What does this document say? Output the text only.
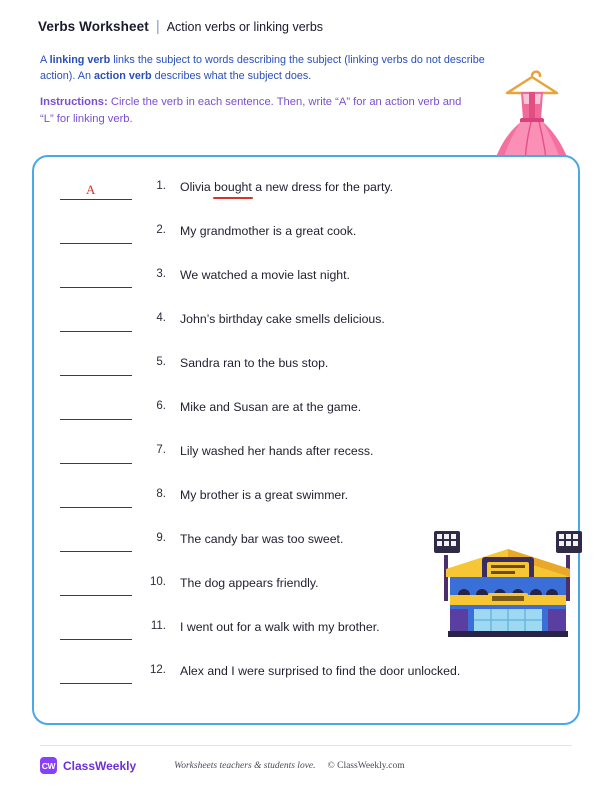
Verbs Worksheet | Action verbs or linking verbs
A linking verb links the subject to words describing the subject (linking verbs do not describe action). An action verb describes what the subject does.
Instructions: Circle the verb in each sentence. Then, write “A” for an action verb and “L” for linking verb.
A	1.	Olivia bought a new dress for the party.
2.	My grandmother is a great cook.
3.	We watched a movie last night.
4.	John’s birthday cake smells delicious.
5.	Sandra ran to the bus stop.
6.	Mike and Susan are at the game.
7.	Lily washed her hands after recess.
8.	My brother is a great swimmer.
9.	The candy bar was too sweet.
10.	The dog appears friendly.
11.	I went out for a walk with my brother.
12.	Alex and I were surprised to find the door unlocked.
CW ClassWeekly	Worksheets teachers & students love. © ClassWeekly.com
